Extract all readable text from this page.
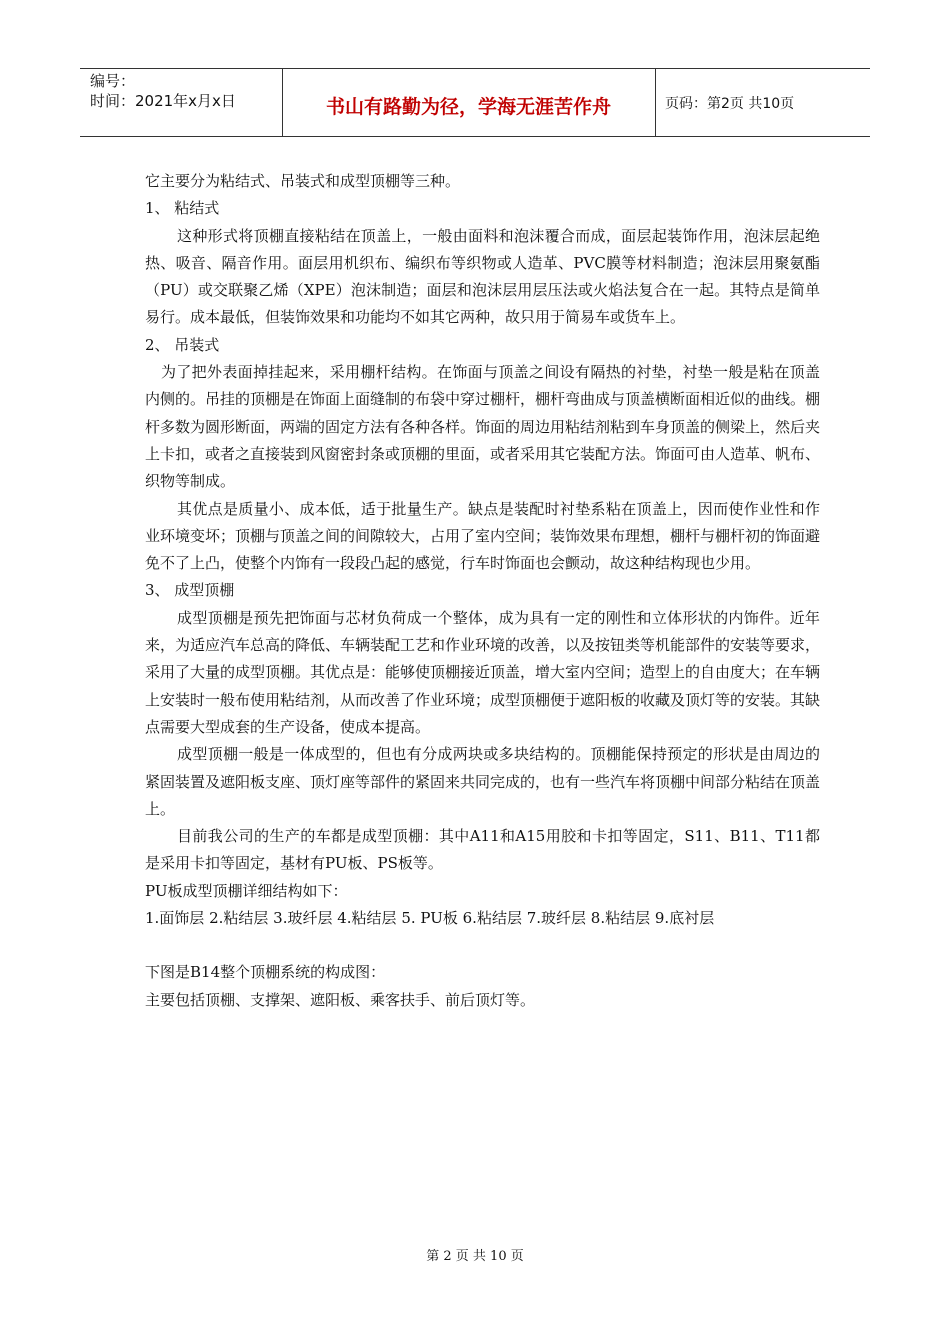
编号：
时间：2021年x月x日	书山有路勤为径，学海无涯苦作舟	页码：第2页 共10页

它主要分为粘结式、吊装式和成型顶棚等三种。

1、 粘结式

这种形式将顶棚直接粘结在顶盖上，一般由面料和泡沫覆合而成，面层起装饰作用，泡沫层起绝热、吸音、隔音作用。面层用机织布、编织布等织物或人造革、PVC膜等材料制造；泡沫层用聚氨酯（PU）或交联聚乙烯（XPE）泡沫制造；面层和泡沫层用层压法或火焰法复合在一起。其特点是简单易行。成本最低，但装饰效果和功能均不如其它两种，故只用于简易车或货车上。

2、 吊装式

为了把外表面掉挂起来，采用棚杆结构。在饰面与顶盖之间设有隔热的衬垫，衬垫一般是粘在顶盖内侧的。吊挂的顶棚是在饰面上面缝制的布袋中穿过棚杆，棚杆弯曲成与顶盖横断面相近似的曲线。棚杆多数为圆形断面，两端的固定方法有各种各样。饰面的周边用粘结剂粘到车身顶盖的侧梁上，然后夹上卡扣，或者之直接装到风窗密封条或顶棚的里面，或者采用其它装配方法。饰面可由人造革、帆布、织物等制成。

其优点是质量小、成本低，适于批量生产。缺点是装配时衬垫系粘在顶盖上，因而使作业性和作业环境变坏；顶棚与顶盖之间的间隙较大，占用了室内空间；装饰效果布理想，棚杆与棚杆初的饰面避免不了上凸，使整个内饰有一段段凸起的感觉，行车时饰面也会颤动，故这种结构现也少用。

3、 成型顶棚

成型顶棚是预先把饰面与芯材负荷成一个整体，成为具有一定的刚性和立体形状的内饰件。近年来，为适应汽车总高的降低、车辆装配工艺和作业环境的改善，以及按钮类等机能部件的安装等要求，采用了大量的成型顶棚。其优点是：能够使顶棚接近顶盖，增大室内空间；造型上的自由度大；在车辆上安装时一般布使用粘结剂，从而改善了作业环境；成型顶棚便于遮阳板的收藏及顶灯等的安装。其缺点需要大型成套的生产设备，使成本提高。

成型顶棚一般是一体成型的，但也有分成两块或多块结构的。顶棚能保持预定的形状是由周边的紧固装置及遮阳板支座、顶灯座等部件的紧固来共同完成的，也有一些汽车将顶棚中间部分粘结在顶盖上。

目前我公司的生产的车都是成型顶棚：其中A11和A15用胶和卡扣等固定，S11、B11、T11都是采用卡扣等固定，基材有PU板、PS板等。

PU板成型顶棚详细结构如下：

1.面饰层 2.粘结层 3.玻纤层 4.粘结层 5. PU板 6.粘结层 7.玻纤层 8.粘结层 9.底衬层

下图是B14整个顶棚系统的构成图：

主要包括顶棚、支撑架、遮阳板、乘客扶手、前后顶灯等。

第 2 页 共 10 页
